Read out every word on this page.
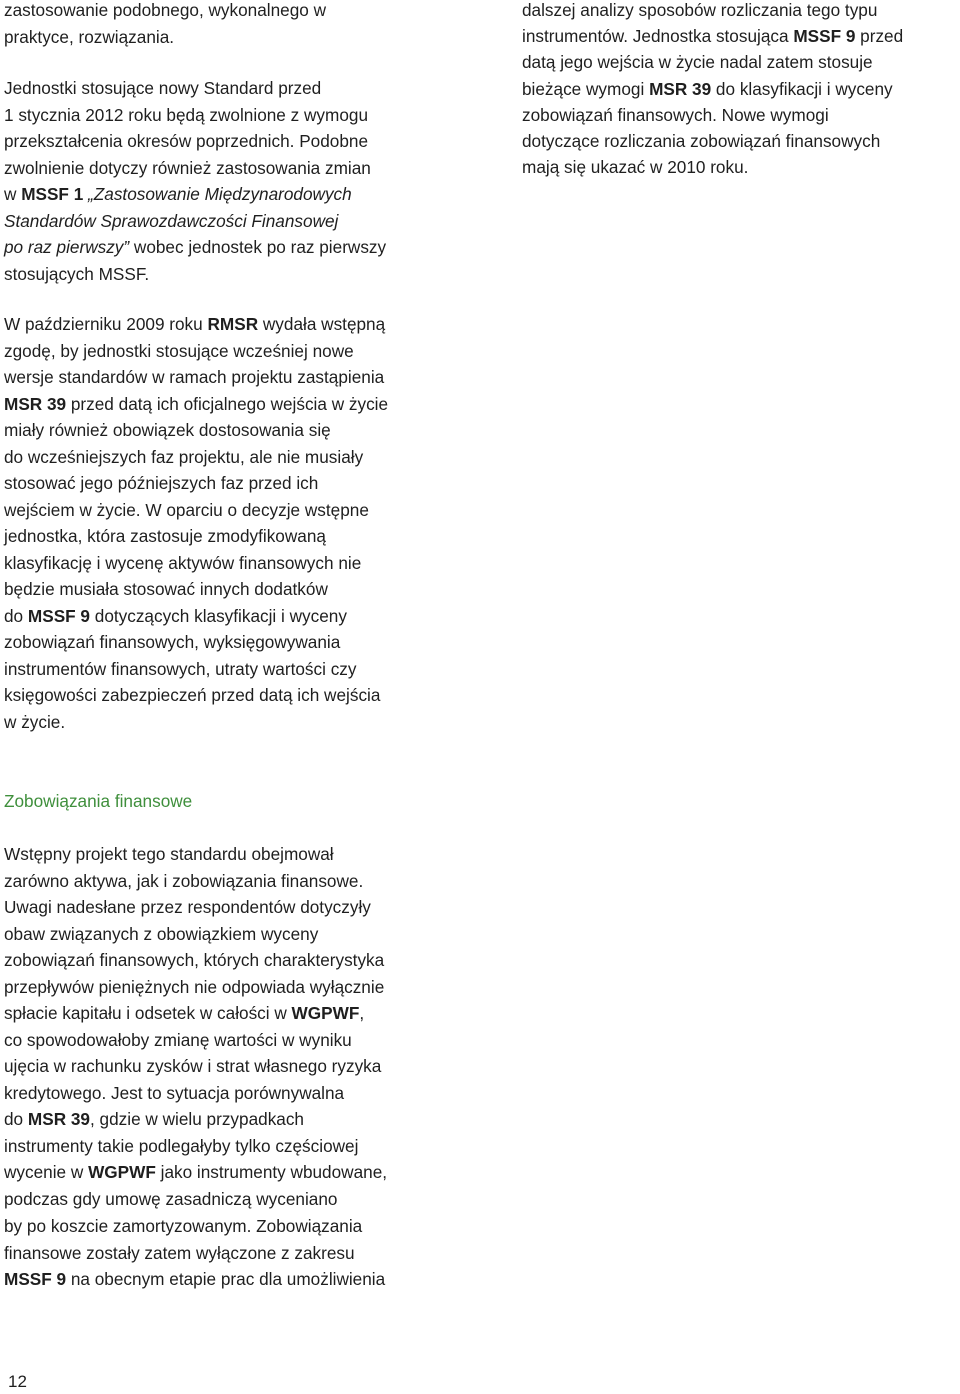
zastosowanie podobnego, wykonalnego w
praktyce, rozwiązania.
Jednostki stosujące nowy Standard przed
1 stycznia 2012 roku będą zwolnione z wymogu
przekształcenia okresów poprzednich. Podobne
zwolnienie dotyczy również zastosowania zmian
w MSSF 1 „Zastosowanie Międzynarodowych
Standardów Sprawozdawczości Finansowej
po raz pierwszy” wobec jednostek po raz pierwszy
stosujących MSSF.
W październiku 2009 roku RMSR wydała wstępną
zgodę, by jednostki stosujące wcześniej nowe
wersje standardów w ramach projektu zastąpienia
MSR 39 przed datą ich oficjalnego wejścia w życie
miały również obowiązek dostosowania się
do wcześniejszych faz projektu, ale nie musiały
stosować jego późniejszych faz przed ich
wejściem w życie. W oparciu o decyzje wstępne
jednostka, która zastosuje zmodyfikowaną
klasyfikację i wycenę aktywów finansowych nie
będzie musiała stosować innych dodatków
do MSSF 9 dotyczących klasyfikacji i wyceny
zobowiązań finansowych, wyksięgowywania
instrumentów finansowych, utraty wartości czy
księgowości zabezpieczeń przed datą ich wejścia
w życie.
Zobowiązania finansowe
Wstępny projekt tego standardu obejmował
zarówno aktywa, jak i zobowiązania finansowe.
Uwagi nadesłane przez respondentów dotyczyły
obaw związanych z obowiązkiem wyceny
zobowiązań finansowych, których charakterystyka
przepływów pieniężnych nie odpowiada wyłącznie
spłacie kapitału i odsetek w całości w WGPWF,
co spowodowałoby zmianę wartości w wyniku
ujęcia w rachunku zysków i strat własnego ryzyka
kredytowego. Jest to sytuacja porównywalna
do MSR 39, gdzie w wielu przypadkach
instrumenty takie podlegałyby tylko częściowej
wycenie w WGPWF jako instrumenty wbudowane,
podczas gdy umowę zasadniczą wyceniano
by po koszcie zamortyzowanym. Zobowiązania
finansowe zostały zatem wyłączone z zakresu
MSSF 9 na obecnym etapie prac dla umożliwienia
12
dalszej analizy sposobów rozliczania tego typu
instrumentów. Jednostka stosująca MSSF 9 przed
datą jego wejścia w życie nadal zatem stosuje
bieżące wymogi MSR 39 do klasyfikacji i wyceny
zobowiązań finansowych. Nowe wymogi
dotyczące rozliczania zobowiązań finansowych
mają się ukazać w 2010 roku.
